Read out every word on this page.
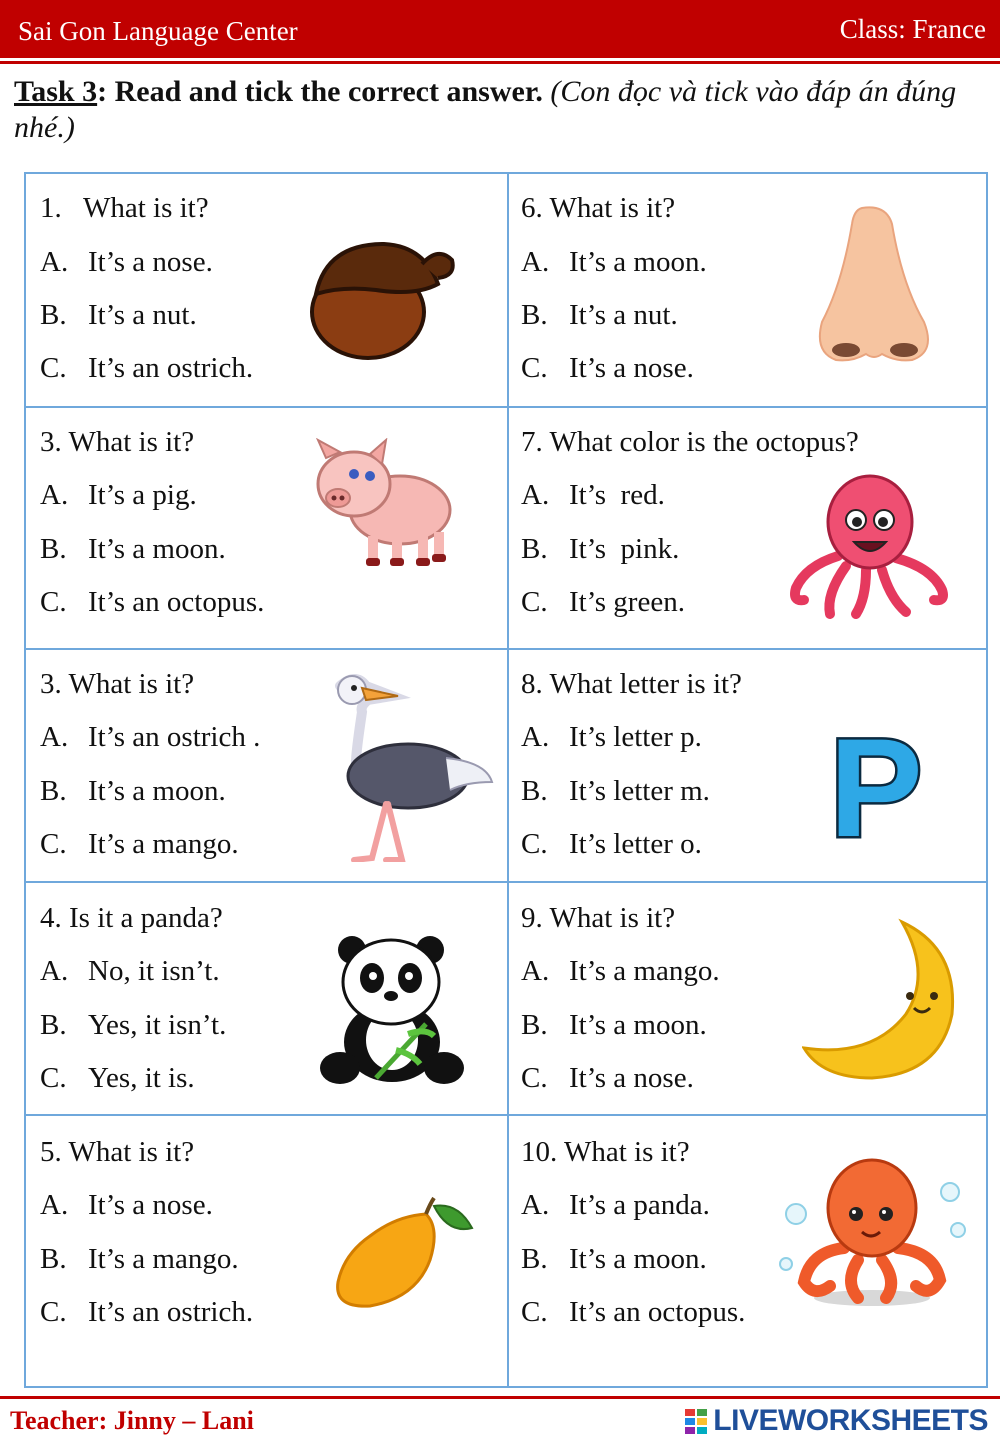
Sai Gon Language Center	Class: France
Task 3: Read and tick the correct answer. (Con đọc và tick vào đáp án đúng nhé.)
1.   What is it?
A. It’s a nose.
B. It’s a nut.
C. It’s an ostrich.
6. What is it?
A. It’s a moon.
B. It’s a nut.
C. It’s a nose.
3. What is it?
A. It’s a pig.
B. It’s a moon.
C. It’s an octopus.
7. What color is the octopus?
A. It’s  red.
B. It’s  pink.
C. It’s green.
3. What is it?
A. It’s an ostrich .
B. It’s a moon.
C. It’s a mango.
8. What letter is it?
A. It’s letter p.
B. It’s letter m.
C. It’s letter o. P
4. Is it a panda?
A. No, it isn’t.
B. Yes, it isn’t.
C. Yes, it is.
9. What is it?
A. It’s a mango.
B. It’s a moon.
C. It’s a nose.
5. What is it?
A. It’s a nose.
B. It’s a mango.
C. It’s an ostrich.
10. What is it?
A. It’s a panda.
B. It’s a moon.
C. It’s an octopus.
Teacher: Jinny – Lani	LIVEWORKSHEETS
